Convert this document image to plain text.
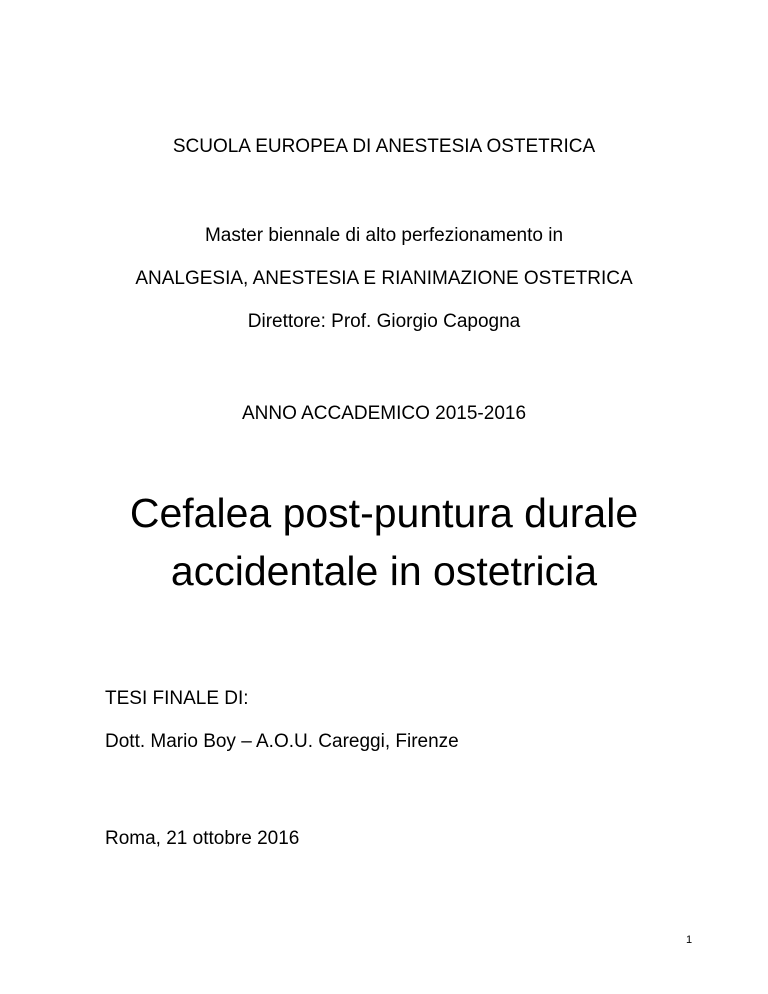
SCUOLA EUROPEA DI ANESTESIA OSTETRICA
Master biennale di alto perfezionamento in
ANALGESIA, ANESTESIA E RIANIMAZIONE OSTETRICA
Direttore: Prof. Giorgio Capogna
ANNO ACCADEMICO 2015-2016
Cefalea post-puntura durale
accidentale in ostetricia
TESI FINALE DI:
Dott. Mario Boy – A.O.U. Careggi, Firenze
Roma, 21 ottobre 2016
1
